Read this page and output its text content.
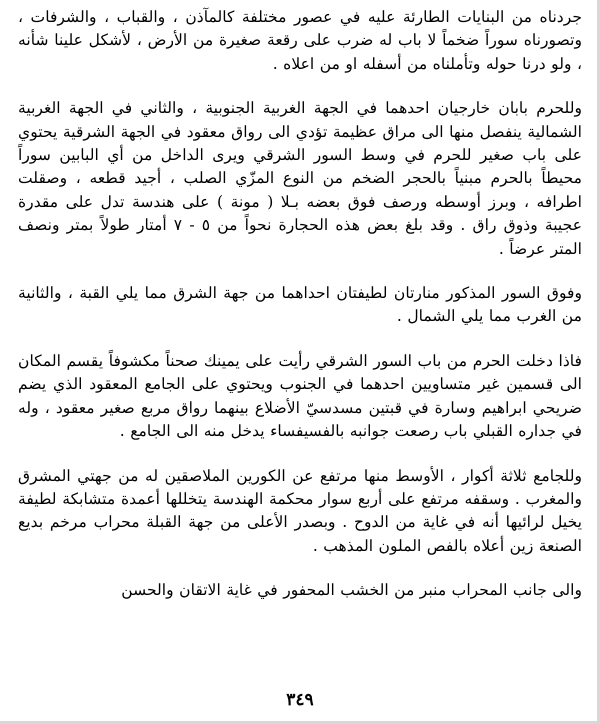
جردناه من البنايات الطارئة عليه في عصور مختلفة كالمآذن ، والقباب ، والشرفات ، وتصورناه سوراً ضخماً لا باب له ضرب على رقعة صغيرة من الأرض ، لأشكل علينا شأنه ، ولو درنا حوله وتأملناه من أسفله او من اعلاه .

وللحرم بابان خارجيان احدهما في الجهة الغربية الجنوبية ، والثاني في الجهة الغربية الشمالية ينفصل منها الى مراق عظيمة تؤدي الى رواق معقود في الجهة الشرقية يحتوي على باب صغير للحرم في وسط السور الشرقي ويرى الداخل من أي البابين سوراً محيطاً بالحرم مبنياً بالحجر الضخم من النوع المزّي الصلب ، أجيد قطعه ، وصقلت اطرافه ، وبرز أوسطه ورصف فوق بعضه بـلا ( مونة ) على هندسة تدل على مقدرة عجيبة وذوق راق . وقد بلغ بعض هذه الحجارة نحواً من ٥ - ٧ أمتار طولاً بمتر ونصف المتر عرضاً .

وفوق السور المذكور منارتان لطيفتان احداهما من جهة الشرق مما يلي القبة ، والثانية من الغرب مما يلي الشمال .

فاذا دخلت الحرم من باب السور الشرقي رأيت على يمينك صحناً مكشوفاً يقسم المكان الى قسمين غير متساويين احدهما في الجنوب ويحتوي على الجامع المعقود الذي يضم ضريحي ابراهيم وسارة في قبتين مسدسيّ الأضلاع بينهما رواق مربع صغير معقود ، وله في جداره القبلي باب رصعت جوانبه بالفسيفساء يدخل منه الى الجامع .

وللجامع ثلاثة أكوار ، الأوسط منها مرتفع عن الكورين الملاصقين له من جهتي المشرق والمغرب . وسقفه مرتفع على أربع سوار محكمة الهندسة يتخللها أعمدة متشابكة لطيفة يخيل لرائيها أنه في غاية من الدوح . وبصدر الأعلى من جهة القبلة محراب مرخم بديع الصنعة زين أعلاه بالفص الملون المذهب .

والى جانب المحراب منبر من الخشب المحفور في غاية الاتقان والحسن

٣٤٩
